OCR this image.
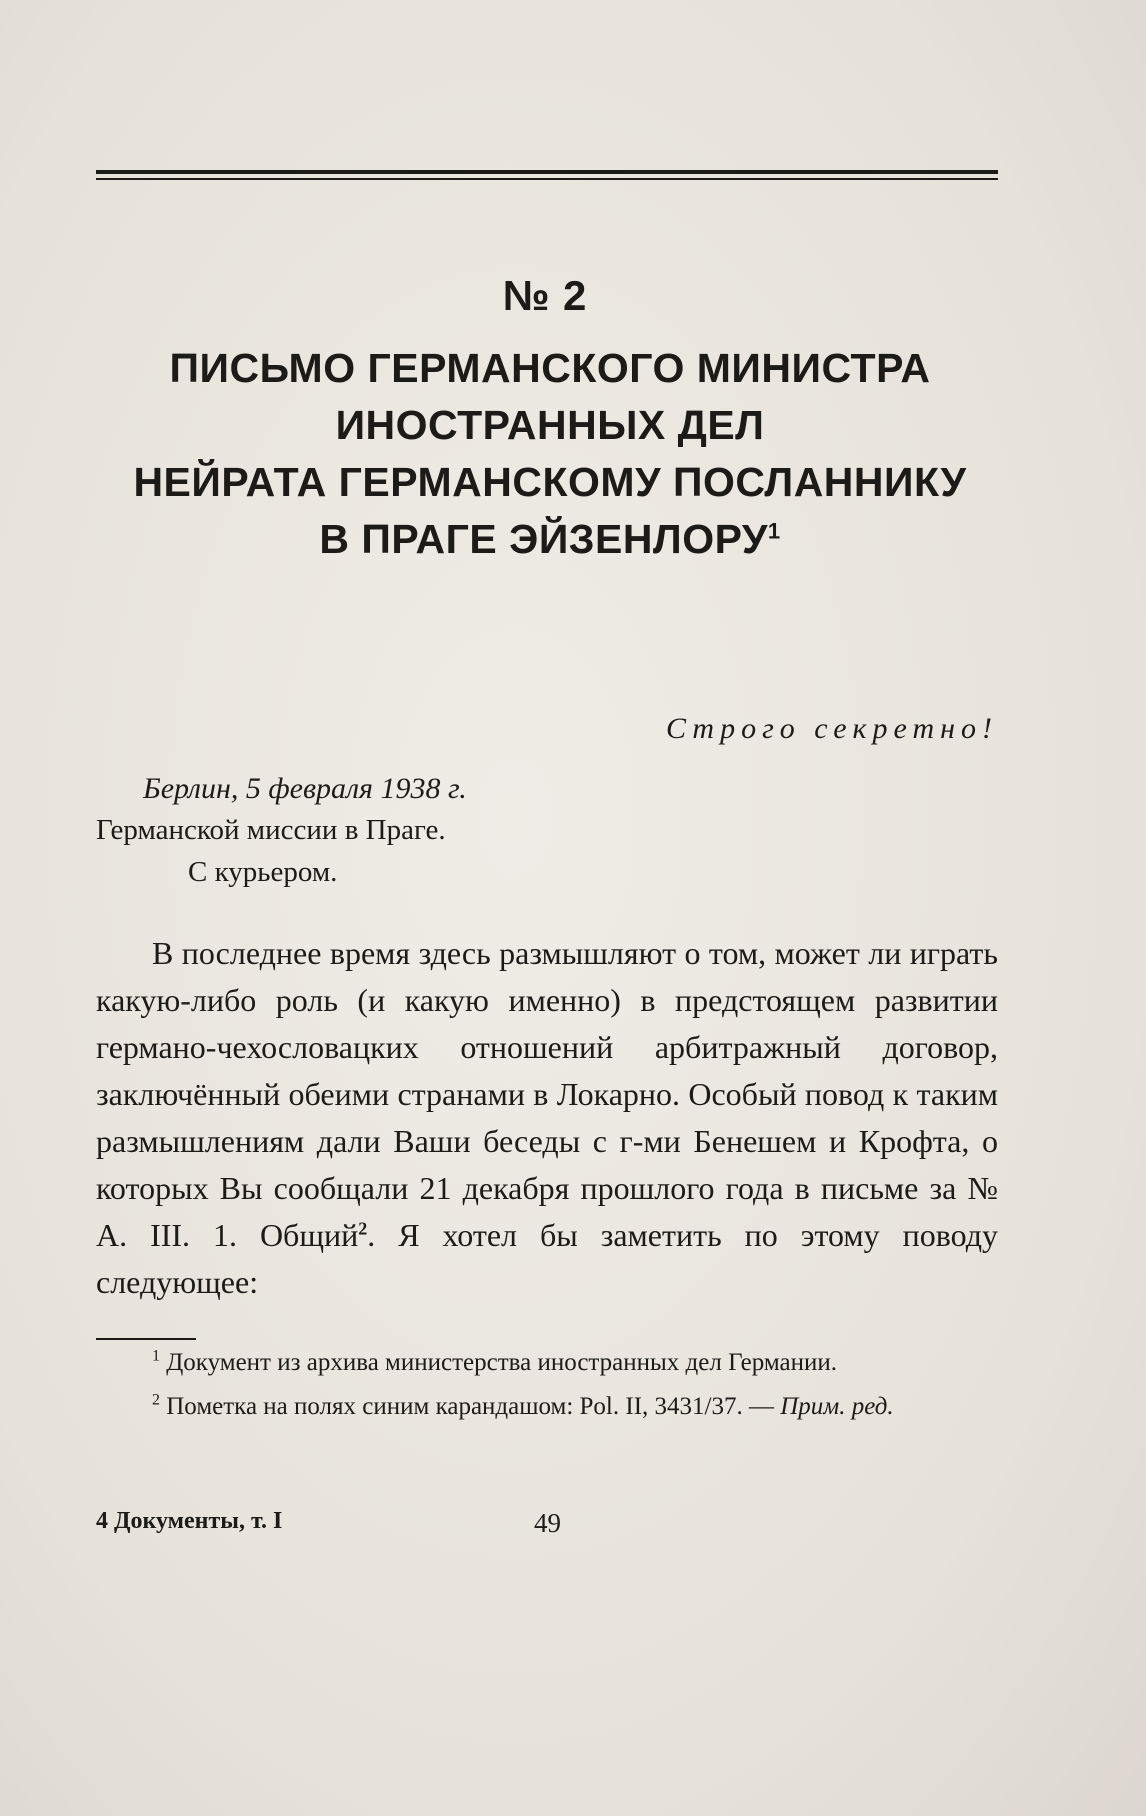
№ 2
ПИСЬМО ГЕРМАНСКОГО МИНИСТРА
ИНОСТРАННЫХ ДЕЛ
НЕЙРАТА ГЕРМАНСКОМУ ПОСЛАННИКУ
В ПРАГЕ ЭЙЗЕНЛОРУ$^1$
Строго секретно!
Берлин, 5 февраля 1938 г.
Германской миссии в Праге.
С курьером.

В последнее время здесь размышляют о том, может ли играть какую-либо роль (и какую именно) в предстоящем развитии германо-чехословацких отношений арбитражный договор, заключённый обеими странами в Локарно. Особый повод к таким размышлениям дали Ваши беседы с г-ми Бенешем и Крофта, о которых Вы сообщали 21 декабря прошлого года в письме за № А. III. 1. Общий$^2$. Я хотел бы заметить по этому поводу следующее:

$^1$ Документ из архива министерства иностранных дел Германии.

$^2$ Пометка на полях синим карандашом: Pol. II, 3431/37. — Прим. ред.

4 Документы, т. I	49
